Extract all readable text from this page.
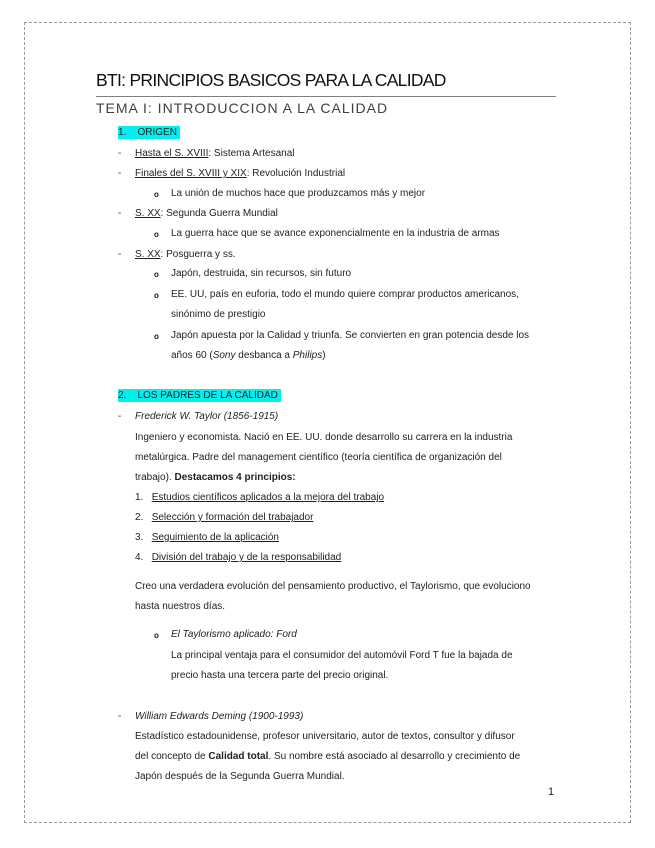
BTI: PRINCIPIOS BASICOS PARA LA CALIDAD
TEMA I: INTRODUCCION A LA CALIDAD
1. ORIGEN
- Hasta el S. XVIII: Sistema Artesanal
- Finales del S. XVIII y XIX: Revolución Industrial
o La unión de muchos hace que produzcamos más y mejor
- S. XX: Segunda Guerra Mundial
o La guerra hace que se avance exponencialmente en la industria de armas
- S. XX: Posguerra y ss.
o Japón, destruida, sin recursos, sin futuro
o EE. UU, país en euforia, todo el mundo quiere comprar productos americanos,
sinónimo de prestigio
o Japón apuesta por la Calidad y triunfa. Se convierten en gran potencia desde los
años 60 (Sony desbanca a Philips)
2. LOS PADRES DE LA CALIDAD
- Frederick W. Taylor (1856-1915)
Ingeniero y economista. Nació en EE. UU. donde desarrollo su carrera en la industria
metalúrgica. Padre del management científico (teoría científica de organización del
trabajo). Destacamos 4 principios:
1. Estudios científicos aplicados a la mejora del trabajo
2. Selección y formación del trabajador
3. Seguimiento de la aplicación
4. División del trabajo y de la responsabilidad
Creo una verdadera evolución del pensamiento productivo, el Taylorismo, que evoluciono
hasta nuestros días.
o El Taylorismo aplicado: Ford
La principal ventaja para el consumidor del automóvil Ford T fue la bajada de
precio hasta una tercera parte del precio original.
- William Edwards Deming (1900-1993)
Estadístico estadounidense, profesor universitario, autor de textos, consultor y difusor
del concepto de Calidad total. Su nombre está asociado al desarrollo y crecimiento de
Japón después de la Segunda Guerra Mundial.
1
